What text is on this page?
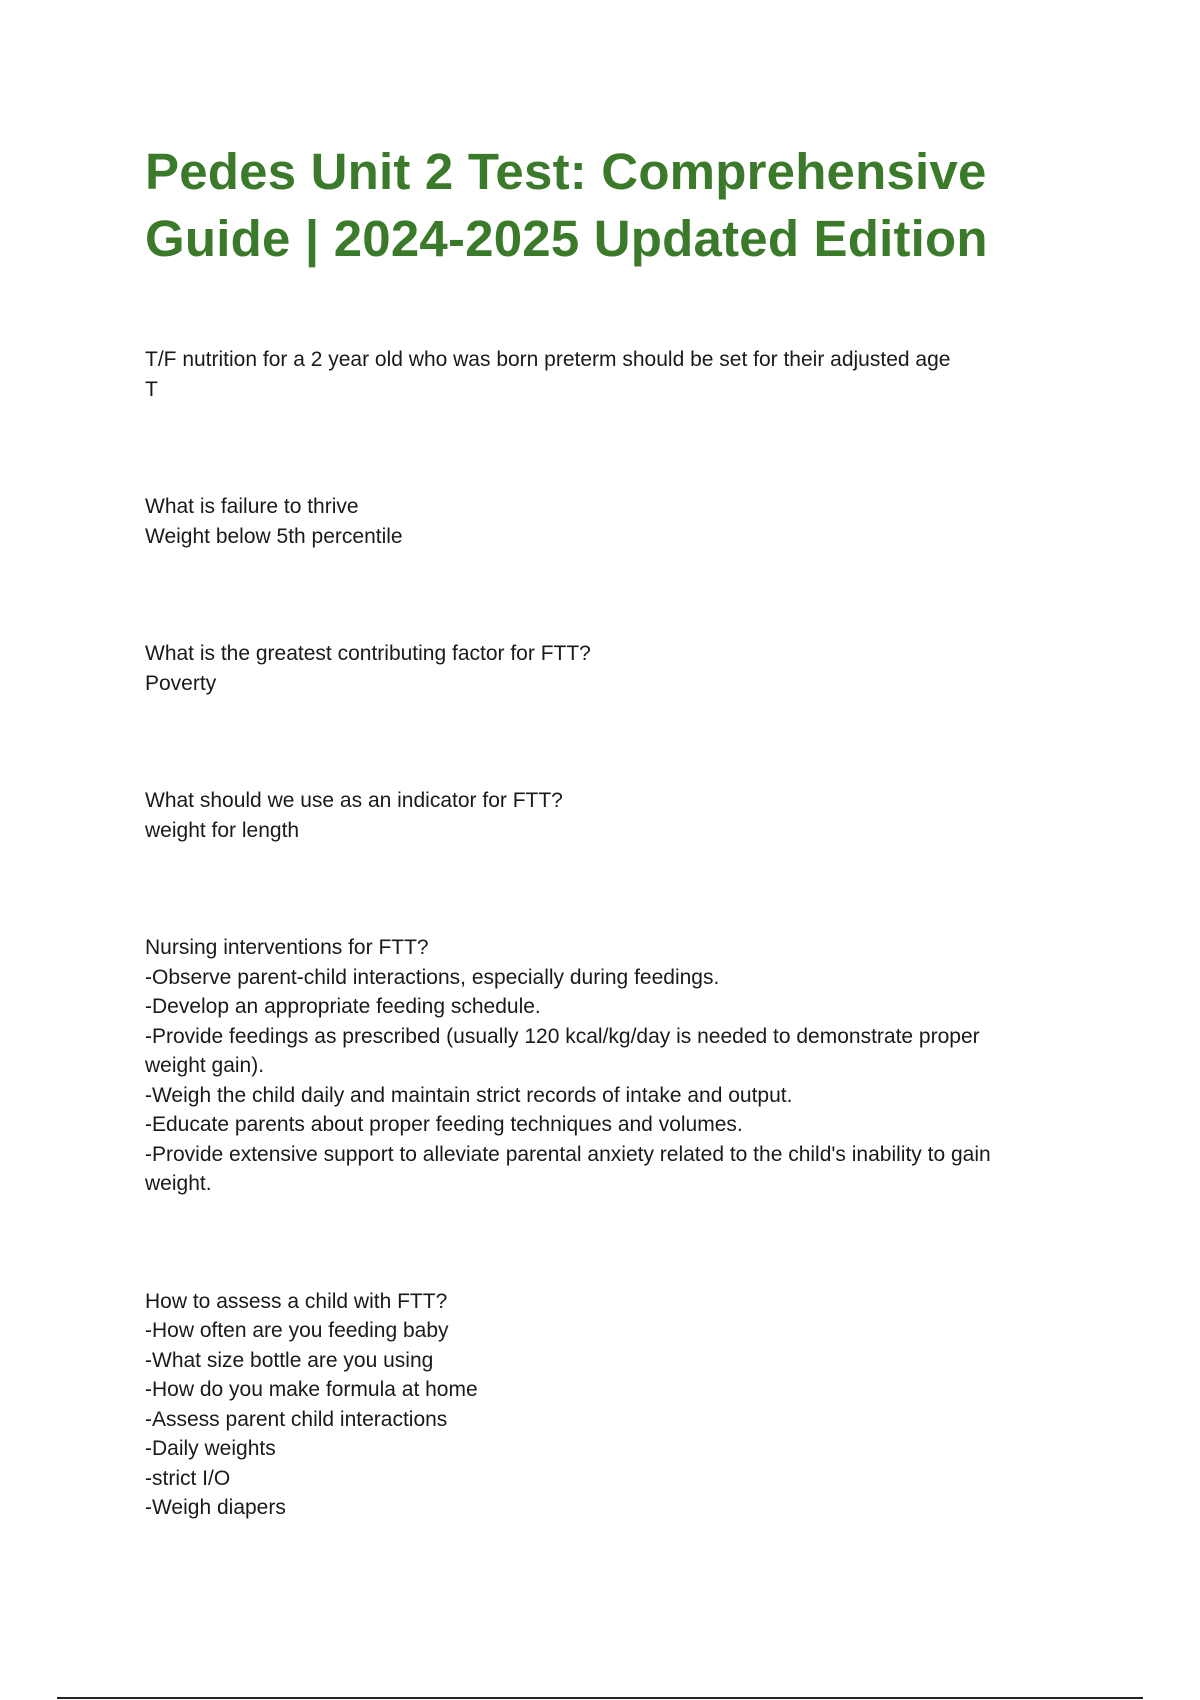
Pedes Unit 2 Test: Comprehensive Guide | 2024-2025 Updated Edition
T/F nutrition for a 2 year old who was born preterm should be set for their adjusted age
T
What is failure to thrive
Weight below 5th percentile
What is the greatest contributing factor for FTT?
Poverty
What should we use as an indicator for FTT?
weight for length
Nursing interventions for FTT?
-Observe parent-child interactions, especially during feedings.
-Develop an appropriate feeding schedule.
-Provide feedings as prescribed (usually 120 kcal/kg/day is needed to demonstrate proper weight gain).
-Weigh the child daily and maintain strict records of intake and output.
-Educate parents about proper feeding techniques and volumes.
-Provide extensive support to alleviate parental anxiety related to the child's inability to gain weight.
How to assess a child with FTT?
-How often are you feeding baby
-What size bottle are you using
-How do you make formula at home
-Assess parent child interactions
-Daily weights
-strict I/O
-Weigh diapers
